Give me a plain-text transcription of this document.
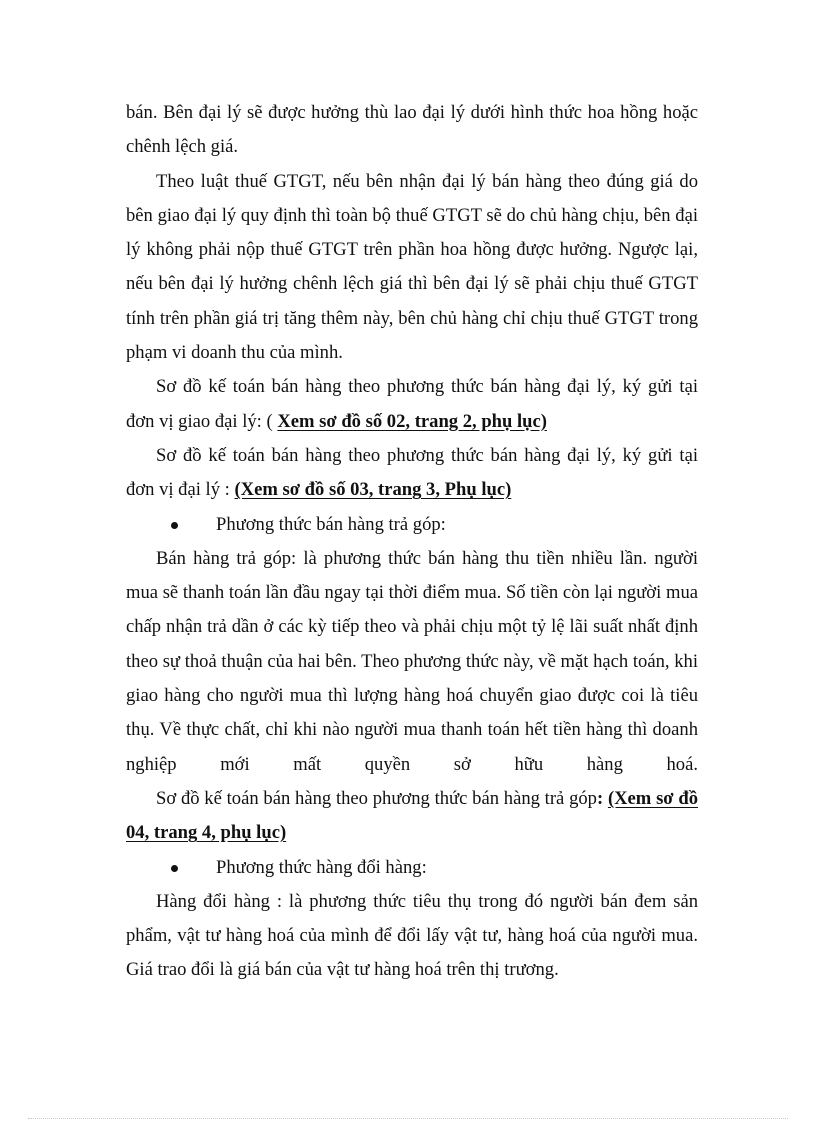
bán. Bên đại lý sẽ được hưởng thù lao đại lý dưới hình thức hoa hồng hoặc chênh lệch giá.

Theo luật thuế GTGT, nếu bên nhận đại lý bán hàng theo đúng giá do bên giao đại lý quy định thì toàn bộ thuế GTGT sẽ do chủ hàng chịu, bên đại lý không phải nộp thuế GTGT trên phần hoa hồng được hưởng. Ngược lại, nếu bên đại lý hưởng chênh lệch giá thì bên đại lý sẽ phải chịu thuế GTGT tính trên phần giá trị tăng thêm này, bên chủ hàng chỉ chịu thuế GTGT trong phạm vi doanh thu của mình.

Sơ đồ kế toán bán hàng theo phương thức bán hàng đại lý, ký gửi tại đơn vị giao đại lý: ( Xem sơ đồ số 02, trang 2, phụ lục)

Sơ đồ kế toán bán hàng theo phương thức bán hàng đại lý, ký gửi tại đơn vị đại lý : (Xem sơ đồ số 03, trang 3, Phụ lục)

Phương thức bán hàng trả góp:

Bán hàng trả góp: là phương thức bán hàng thu tiền nhiều lần. người mua sẽ thanh toán lần đầu ngay tại thời điểm mua. Số tiền còn lại người mua chấp nhận trả dần ở các kỳ tiếp theo và phải chịu một tỷ lệ lãi suất nhất định theo sự thoả thuận của hai bên. Theo phương thức này, về mặt hạch toán, khi giao hàng cho người mua thì lượng hàng hoá chuyển giao được coi là tiêu thụ. Về thực chất, chỉ khi nào người mua thanh toán hết tiền hàng thì doanh nghiệp mới mất quyền sở hữu hàng hoá.

Sơ đồ kế toán bán hàng theo phương thức bán hàng trả góp: (Xem sơ đồ 04, trang 4, phụ lục)

Phương thức hàng đổi hàng:

Hàng đổi hàng : là phương thức tiêu thụ trong đó người bán đem sản phẩm, vật tư hàng hoá của mình để đổi lấy vật tư, hàng hoá của người mua. Giá trao đổi là giá bán của vật tư hàng hoá trên thị trương.
